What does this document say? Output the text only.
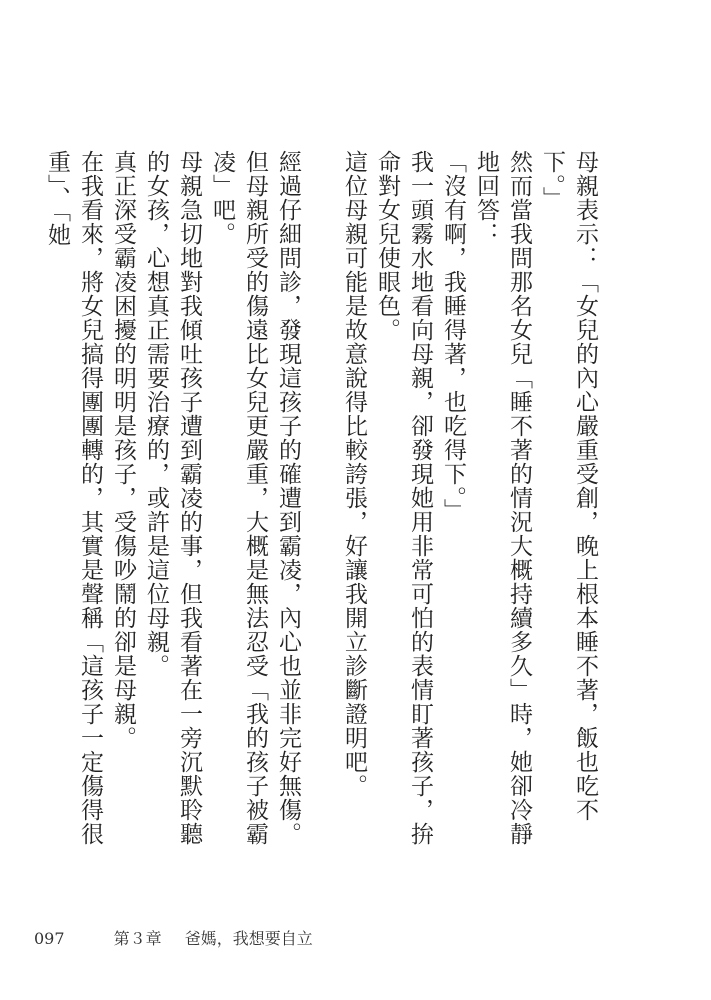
母親表示：「女兒的內心嚴重受創，晚上根本睡不著，飯也吃不下。」

然而當我問那名女兒「睡不著的情況大概持續多久」時，她卻冷靜地回答：

「沒有啊，我睡得著，也吃得下。」

我一頭霧水地看向母親，卻發現她用非常可怕的表情盯著孩子，拚命對女兒使眼色。

這位母親可能是故意說得比較誇張，好讓我開立診斷證明吧。

經過仔細問診，發現這孩子的確遭到霸凌，內心也並非完好無傷。

但母親所受的傷遠比女兒更嚴重，大概是無法忍受「我的孩子被霸凌」吧。

母親急切地對我傾吐孩子遭到霸凌的事，但我看著在一旁沉默聆聽的女孩，心想真正需要治療的，或許是這位母親。

真正深受霸凌困擾的明明是孩子，受傷吵鬧的卻是母親。

在我看來，將女兒搞得團團轉的，其實是聲稱「這孩子一定傷得很重」、「她

097	第３章 爸媽，我想要自立
